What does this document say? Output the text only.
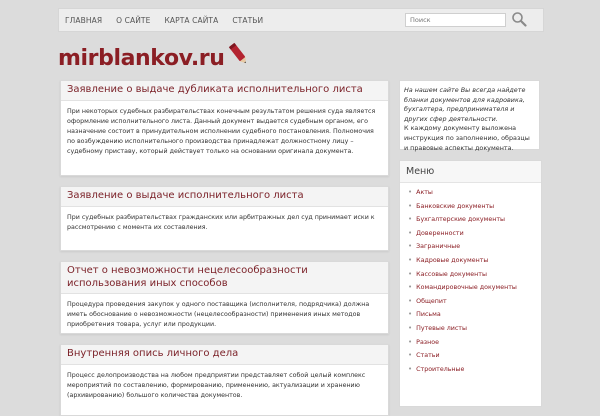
ГЛАВНАЯ	О САЙТЕ	КАРТА САЙТА	СТАТЬИ
Поиск
mirblankov.ru
Заявление о выдаче дубликата исполнительного листа
При некоторых судебных разбирательствах конечным результатом решения суда является оформление исполнительного листа. Данный документ выдается судебным органом, его назначение состоит в принудительном исполнении судебного постановления. Полномочия по возбуждению исполнительного производства принадлежат должностному лицу – судебному приставу, который действует только на основании оригинала документа.
Заявление о выдаче исполнительного листа
При судебных разбирательствах гражданских или арбитражных дел суд принимает иски к рассмотрению с момента их составления.
Отчет о невозможности нецелесообразности использования иных способов
Процедура проведения закупок у одного поставщика (исполнителя, подрядчика) должна иметь обоснование о невозможности (нецелесообразности) применения иных методов приобретения товара, услуг или продукции.
Внутренняя опись личного дела
Процесс делопроизводства на любом предприятии представляет собой целый комплекс мероприятий по составлению, формированию, применению, актуализации и хранению (архивированию) большого количества документов.
На нашем сайте Вы всегда найдете бланки документов для кадровика, бухгалтера, предпринимателя и других сфер деятельности.
К каждому документу выложена инструкция по заполнению, образцы и правовые аспекты документа.
Меню
• Акты
• Банковские документы
• Бухгалтерские документы
• Доверенности
• Заграничные
• Кадровые документы
• Кассовые документы
• Командировочные документы
• Общепит
• Письма
• Путевые листы
• Разное
• Статьи
• Строительные
